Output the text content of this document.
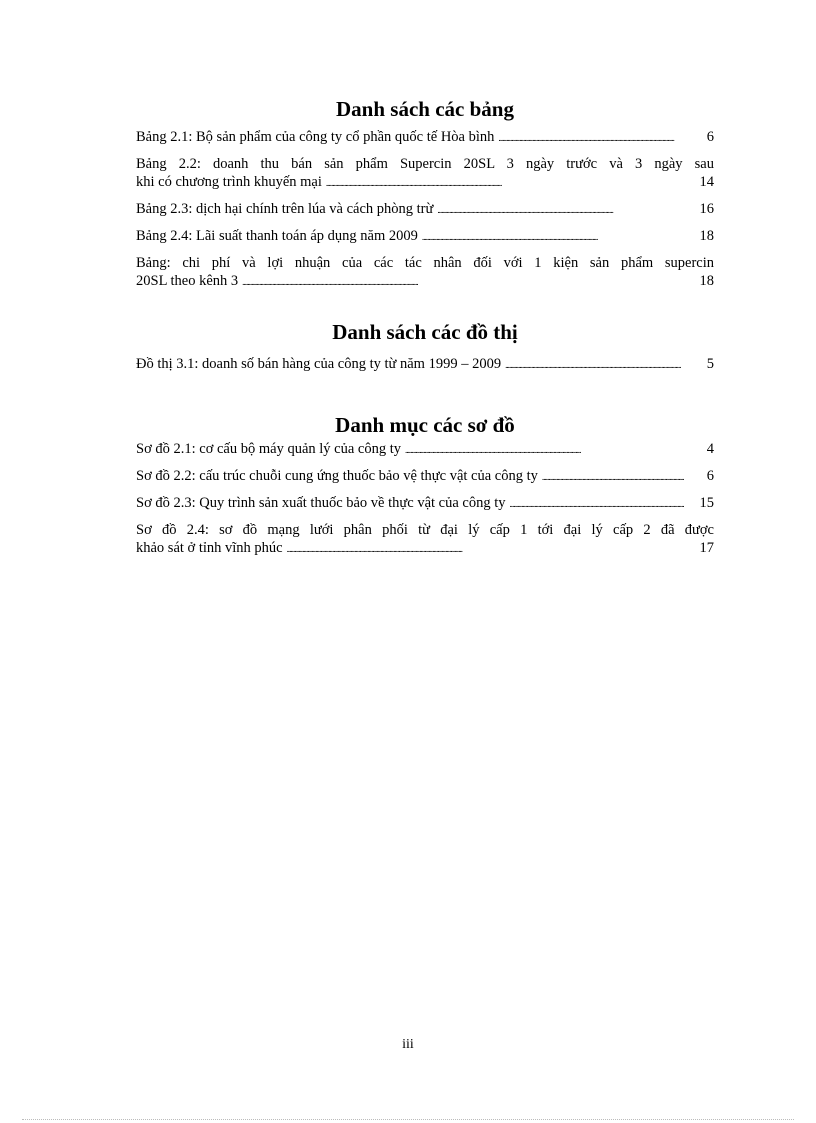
Danh sách các bảng
Bảng 2.1: Bộ sản phẩm của công ty cổ phần quốc tế Hòa bình . . .	6
Bảng 2.2: doanh thu bán sản phẩm Supercin 20SL 3 ngày trước và 3 ngày sau
khi có chương trình khuyến mại . . .	14
Bảng 2.3: dịch hại chính trên lúa và cách phòng trừ . . .	16
Bảng 2.4: Lãi suất thanh toán áp dụng năm 2009 . . .	18
Bảng: chi phí và lợi nhuận của các tác nhân đối với 1 kiện sản phẩm supercin
20SL theo kênh 3 . . .	18
Danh sách các đồ thị
Đồ thị 3.1: doanh số bán hàng của công ty từ năm 1999 – 2009 . . .	5
Danh mục các sơ đồ
Sơ đồ 2.1: cơ cấu bộ máy quản lý của công ty . . .	4
Sơ đồ 2.2: cấu trúc chuỗi cung ứng thuốc bảo vệ thực vật của công ty . . .	6
Sơ đồ 2.3: Quy trình sản xuất thuốc bảo về thực vật của công ty . . .	15
Sơ đồ 2.4: sơ đồ mạng lưới phân phối từ đại lý cấp 1 tới đại lý cấp 2 đã được
khảo sát ở tỉnh vĩnh phúc . . .	17
iii
